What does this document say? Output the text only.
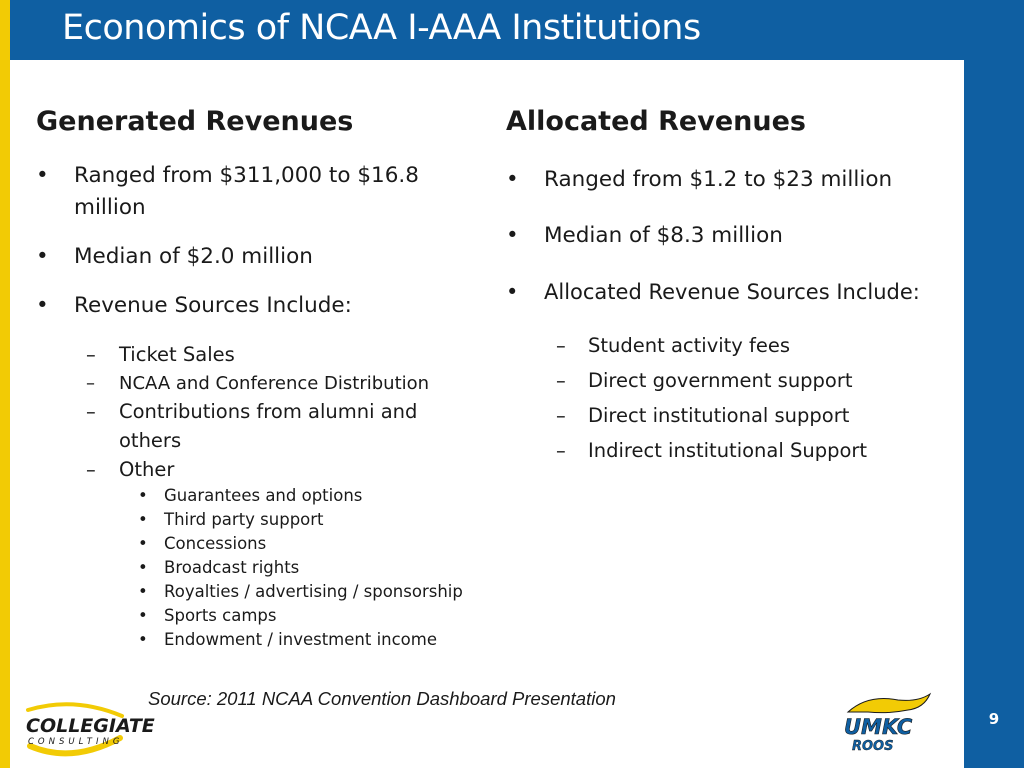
Economics of NCAA I-AAA Institutions
Generated Revenues
•	Ranged from $311,000 to $16.8 million
•	Median of $2.0 million
•	Revenue Sources Include:
–	Ticket Sales
–	NCAA and Conference Distribution
–	Contributions from alumni and others
–	Other
• Guarantees and options
• Third party support
• Concessions
• Broadcast rights
• Royalties / advertising / sponsorship
• Sports camps
• Endowment / investment income
Allocated Revenues
•	Ranged from $1.2 to $23 million
•	Median of $8.3 million
•	Allocated Revenue Sources Include:
–	Student activity fees
–	Direct government support
–	Direct institutional support
–	Indirect institutional Support
Source: 2011 NCAA Convention Dashboard Presentation
COLLEGIATE
CONSULTING
UMKC
ROOS
9
